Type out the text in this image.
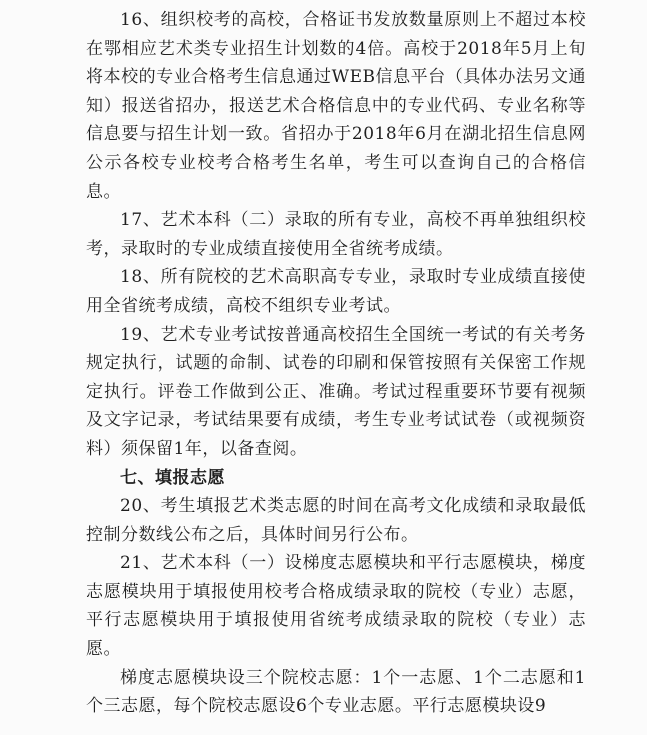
16、组织校考的高校，合格证书发放数量原则上不超过本校在鄂相应艺术类专业招生计划数的4倍。高校于2018年5月上旬将本校的专业合格考生信息通过WEB信息平台（具体办法另文通知）报送省招办，报送艺术合格信息中的专业代码、专业名称等信息要与招生计划一致。省招办于2018年6月在湖北招生信息网公示各校专业校考合格考生名单，考生可以查询自己的合格信息。

17、艺术本科（二）录取的所有专业，高校不再单独组织校考，录取时的专业成绩直接使用全省统考成绩。

18、所有院校的艺术高职高专专业，录取时专业成绩直接使用全省统考成绩，高校不组织专业考试。

19、艺术专业考试按普通高校招生全国统一考试的有关考务规定执行，试题的命制、试卷的印刷和保管按照有关保密工作规定执行。评卷工作做到公正、准确。考试过程重要环节要有视频及文字记录，考试结果要有成绩，考生专业考试试卷（或视频资料）须保留1年，以备查阅。

七、填报志愿

20、考生填报艺术类志愿的时间在高考文化成绩和录取最低控制分数线公布之后，具体时间另行公布。

21、艺术本科（一）设梯度志愿模块和平行志愿模块，梯度志愿模块用于填报使用校考合格成绩录取的院校（专业）志愿，平行志愿模块用于填报使用省统考成绩录取的院校（专业）志愿。

梯度志愿模块设三个院校志愿：1个一志愿、1个二志愿和1个三志愿，每个院校志愿设6个专业志愿。平行志愿模块设9
